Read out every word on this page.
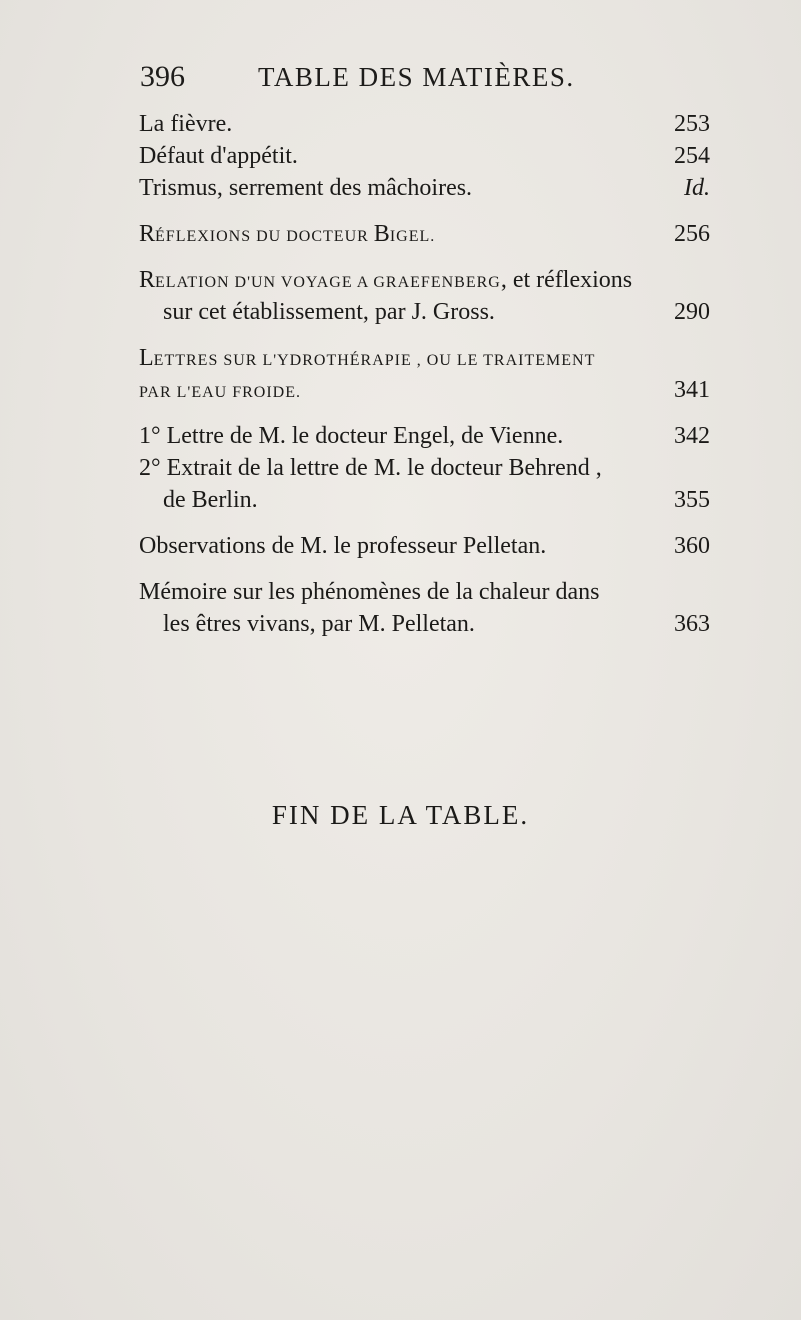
396	TABLE DES MATIÈRES.
La fièvre.	253
Défaut d'appétit.	254
Trismus, serrement des mâchoires.	Id.
RÉFLEXIONS DU DOCTEUR BIGEL.	256
RELATION D'UN VOYAGE A GRAEFENBERG, et réflexions
sur cet établissement, par J. Gross.	290
LETTRES SUR L'YDROTHÉRAPIE , OU LE TRAITEMENT
PAR L'EAU FROIDE.	341
1° Lettre de M. le docteur Engel, de Vienne.	342
2° Extrait de la lettre de M. le docteur Behrend ,
de Berlin.	355
Observations de M. le professeur Pelletan.	360
Mémoire sur les phénomènes de la chaleur dans
les êtres vivans, par M. Pelletan.	363
FIN DE LA TABLE.
